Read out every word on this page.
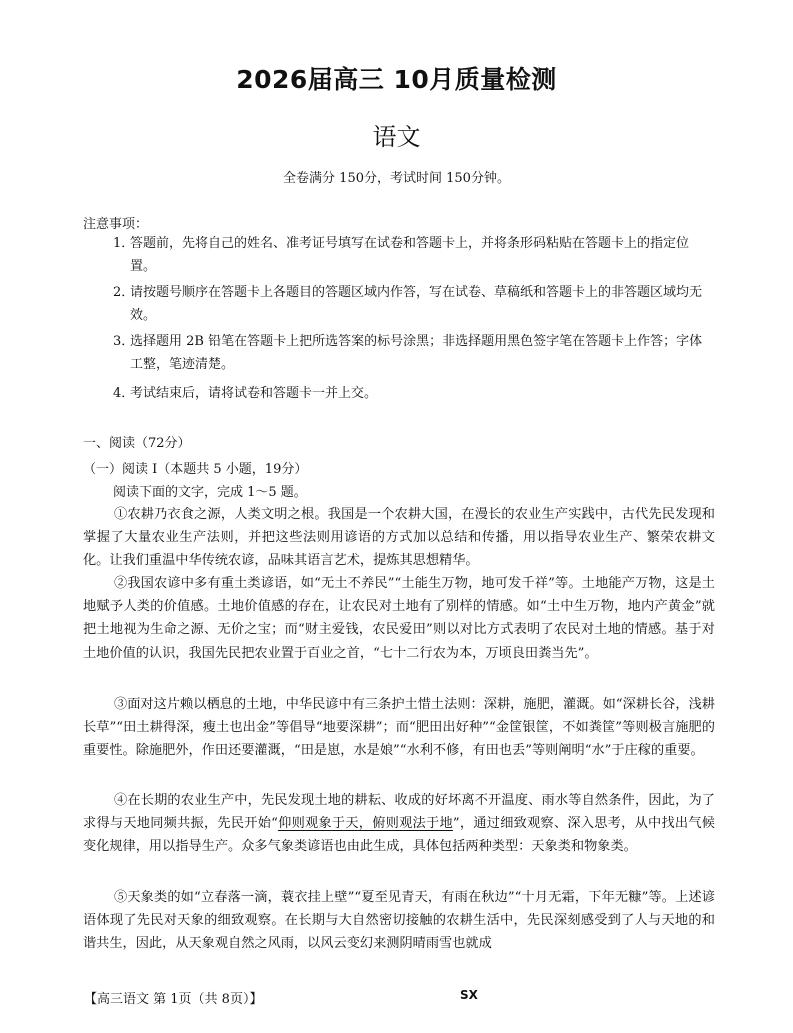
2026届高三 10月质量检测
语文
全卷满分 150分，考试时间 150分钟。
注意事项：
1．
答题前，先将自己的姓名、准考证号填写在试卷和答题卡上，并将条形码粘贴在答题卡上的指定位置。
2．
请按题号顺序在答题卡上各题目的答题区域内作答，写在试卷、草稿纸和答题卡上的非答题区域均无效。
3．
选择题用 2B 铅笔在答题卡上把所选答案的标号涂黑；非选择题用黑色签字笔在答题卡上作答；字体工整，笔迹清楚。
4．
考试结束后，请将试卷和答题卡一并上交。
一、阅读（72分）
（一）阅读 I（本题共 5 小题，19分）
阅读下面的文字，完成 1～5 题。

①农耕乃衣食之源，人类文明之根。我国是一个农耕大国，在漫长的农业生产实践中，古代先民发现和掌握了大量农业生产法则，并把这些法则用谚语的方式加以总结和传播，用以指导农业生产、繁荣农耕文化。让我们重温中华传统农谚，品味其语言艺术，提炼其思想精华。

②我国农谚中多有重土类谚语，如“无土不养民”“土能生万物，地可发千祥”等。土地能产万物，这是土地赋予人类的价值感。土地价值感的存在，让农民对土地有了别样的情感。如“土中生万物，地内产黄金”就把土地视为生命之源、无价之宝；而“财主爱钱，农民爱田”则以对比方式表明了农民对土地的情感。基于对土地价值的认识，我国先民把农业置于百业之首，“七十二行农为本，万顷良田粪当先”。

③面对这片赖以栖息的土地，中华民谚中有三条护土惜土法则：深耕，施肥，灌溉。如“深耕长谷，浅耕长草”“田土耕得深，瘦土也出金”等倡导“地要深耕”；而“肥田出好种”“金筐银筐，不如粪筐”等则极言施肥的重要性。除施肥外，作田还要灌溉，“田是崽，水是娘”“水利不修，有田也丢”等则阐明“水”于庄稼的重要。

④在长期的农业生产中，先民发现土地的耕耘、收成的好坏离不开温度、雨水等自然条件，因此，为了求得与天地同频共振，先民开始“仰则观象于天，俯则观法于地”，通过细致观察、深入思考，从中找出气候变化规律，用以指导生产。众多气象类谚语也由此生成，具体包括两种类型：天象类和物象类。

⑤天象类的如“立春落一滴，蓑衣挂上壁”“夏至见青天，有雨在秋边”“十月无霜，下年无糠”等。上述谚语体现了先民对天象的细致观察。在长期与大自然密切接触的农耕生活中，先民深刻感受到了人与天地的和谐共生，因此，从天象观自然之风雨，以风云变幻来测阴晴雨雪也就成

【高三语文 第 1页（共 8页）】	SX
